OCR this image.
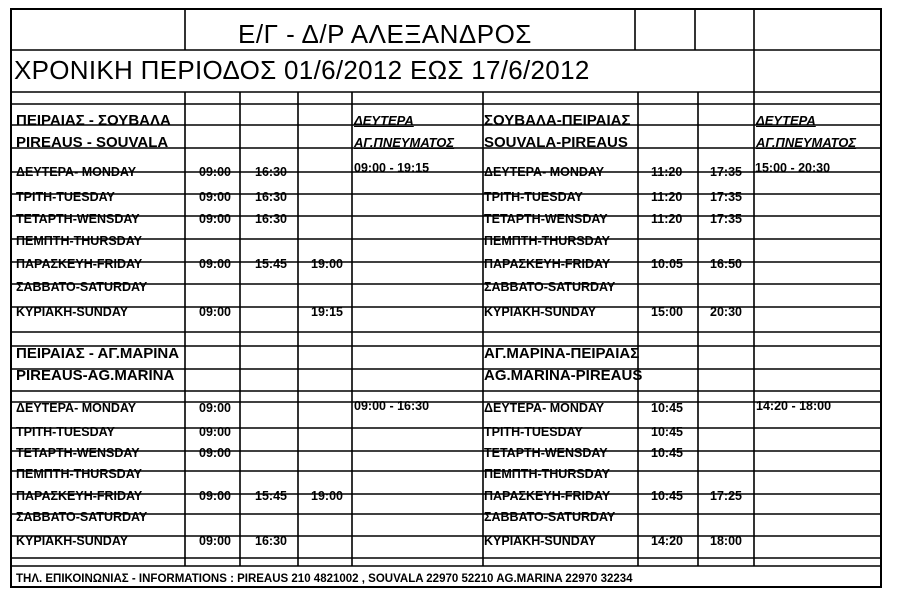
Ε/Γ - Δ/Ρ ΑΛΕΞΑΝΔΡΟΣ
ΧΡΟΝΙΚΗ ΠΕΡΙΟΔΟΣ 01/6/2012 ΕΩΣ 17/6/2012
ΠΕΙΡΑΙΑΣ - ΣΟΥΒΑΛΑ
PIREAUS - SOUVALA
ΔΕΥΤΕΡΑ
ΑΓ.ΠΝΕΥΜΑΤΟΣ
09:00 - 19:15
ΔΕΥΤΕΡΑ- MONDAY	09:00 16:30
ΤΡΙΤΗ-TUESDAY	09:00 16:30
ΤΕΤΑΡΤΗ-WENSDAY	09:00 16:30
ΠΕΜΠΤΗ-THURSDAY
ΠΑΡΑΣΚΕΥΗ-FRIDAY	09:00 15:45 19:00
ΣΑΒΒΑΤΟ-SATURDAY
ΚΥΡΙΑΚΗ-SUNDAY	09:00	19:15
ΣΟΥΒΑΛΑ-ΠΕΙΡΑΙΑΣ
SOUVALA-PIREAUS
ΔΕΥΤΕΡΑ
ΑΓ.ΠΝΕΥΜΑΤΟΣ
15:00 - 20:30
ΔΕΥΤΕΡΑ- MONDAY	11:20 17:35
ΤΡΙΤΗ-TUESDAY	11:20 17:35
ΤΕΤΑΡΤΗ-WENSDAY	11:20 17:35
ΠΕΜΠΤΗ-THURSDAY
ΠΑΡΑΣΚΕΥΗ-FRIDAY	10:05 16:50
ΣΑΒΒΑΤΟ-SATURDAY
ΚΥΡΙΑΚΗ-SUNDAY	15:00 20:30
ΠΕΙΡΑΙΑΣ - ΑΓ.ΜΑΡΙΝΑ
PIREAUS-AG.MARINA
09:00 - 16:30
ΔΕΥΤΕΡΑ- MONDAY	09:00
ΤΡΙΤΗ-TUESDAY	09:00
ΤΕΤΑΡΤΗ-WENSDAY	09:00
ΠΕΜΠΤΗ-THURSDAY
ΠΑΡΑΣΚΕΥΗ-FRIDAY	09:00 15:45 19:00
ΣΑΒΒΑΤΟ-SATURDAY
ΚΥΡΙΑΚΗ-SUNDAY	09:00 16:30
ΑΓ.ΜΑΡΙΝΑ-ΠΕΙΡΑΙΑΣ
AG.MARINA-PIREAUS
14:20 - 18:00
ΔΕΥΤΕΡΑ- MONDAY	10:45
ΤΡΙΤΗ-TUESDAY	10:45
ΤΕΤΑΡΤΗ-WENSDAY	10:45
ΠΕΜΠΤΗ-THURSDAY
ΠΑΡΑΣΚΕΥΗ-FRIDAY	10:45 17:25
ΣΑΒΒΑΤΟ-SATURDAY
ΚΥΡΙΑΚΗ-SUNDAY	14:20 18:00
ΤΗΛ. ΕΠΙΚΟΙΝΩΝΙΑΣ - INFORMATIONS : PIREAUS 210 4821002 , SOUVALA 22970 52210 AG.MARINA 22970 32234
